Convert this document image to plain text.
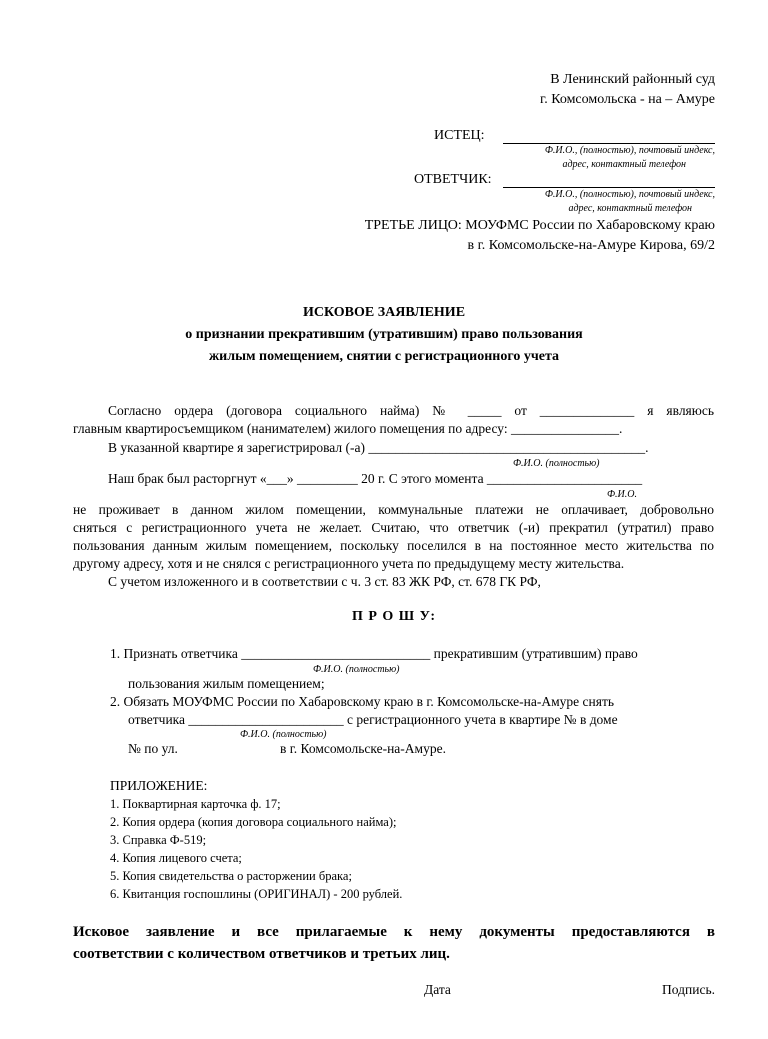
В Ленинский районный суд
г. Комсомольска - на – Амуре
ИСТЕЦ:
Ф.И.О., (полностью), почтовый индекс,
адрес, контактный телефон
ОТВЕТЧИК:
Ф.И.О., (полностью), почтовый индекс,
адрес, контактный телефон
ТРЕТЬЕ ЛИЦО: МОУФМС России по Хабаровскому краю
в г. Комсомольске-на-Амуре Кирова, 69/2
ИСКОВОЕ ЗАЯВЛЕНИЕ
о признании прекратившим (утратившим) право пользования
жилым помещением, снятии с регистрационного учета
Согласно ордера (договора социального найма) № _____ от ______________ я являюсь
главным квартиросъемщиком (нанимателем) жилого помещения по адресу: ________________.
В указанной квартире я зарегистрировал (-а) _________________________________________.
Ф.И.О. (полностью)
Наш брак был расторгнут «___» _________ 20 г. С этого момента _______________________
Ф.И.О.
не проживает в данном жилом помещении, коммунальные платежи не оплачивает, добровольно
сняться с регистрационного учета не желает. Считаю, что ответчик (-и) прекратил (утратил) право
пользования данным жилым помещением, поскольку поселился в на постоянное место жительства по
другому адресу, хотя и не снялся с регистрационного учета по предыдущему месту жительства.
С учетом изложенного и в соответствии с ч. 3 ст. 83 ЖК РФ, ст. 678 ГК РФ,
П Р О Ш У:
1. Признать ответчика ____________________________ прекратившим (утратившим) право
Ф.И.О. (полностью)
пользования жилым помещением;
2. Обязать МОУФМС России по Хабаровскому краю в г. Комсомольске-на-Амуре снять
ответчика _______________________ с регистрационного учета в квартире № в доме
Ф.И.О. (полностью)
№ по ул.	в г. Комсомольске-на-Амуре.
ПРИЛОЖЕНИЕ:
1. Поквартирная карточка ф. 17;
2. Копия ордера (копия договора социального найма);
3. Справка Ф-519;
4. Копия лицевого счета;
5. Копия свидетельства о расторжении брака;
6. Квитанция госпошлины (ОРИГИНАЛ) - 200 рублей.
Исковое заявление и все прилагаемые к нему документы предоставляются в
соответствии с количеством ответчиков и третьих лиц.
Дата	Подпись.
